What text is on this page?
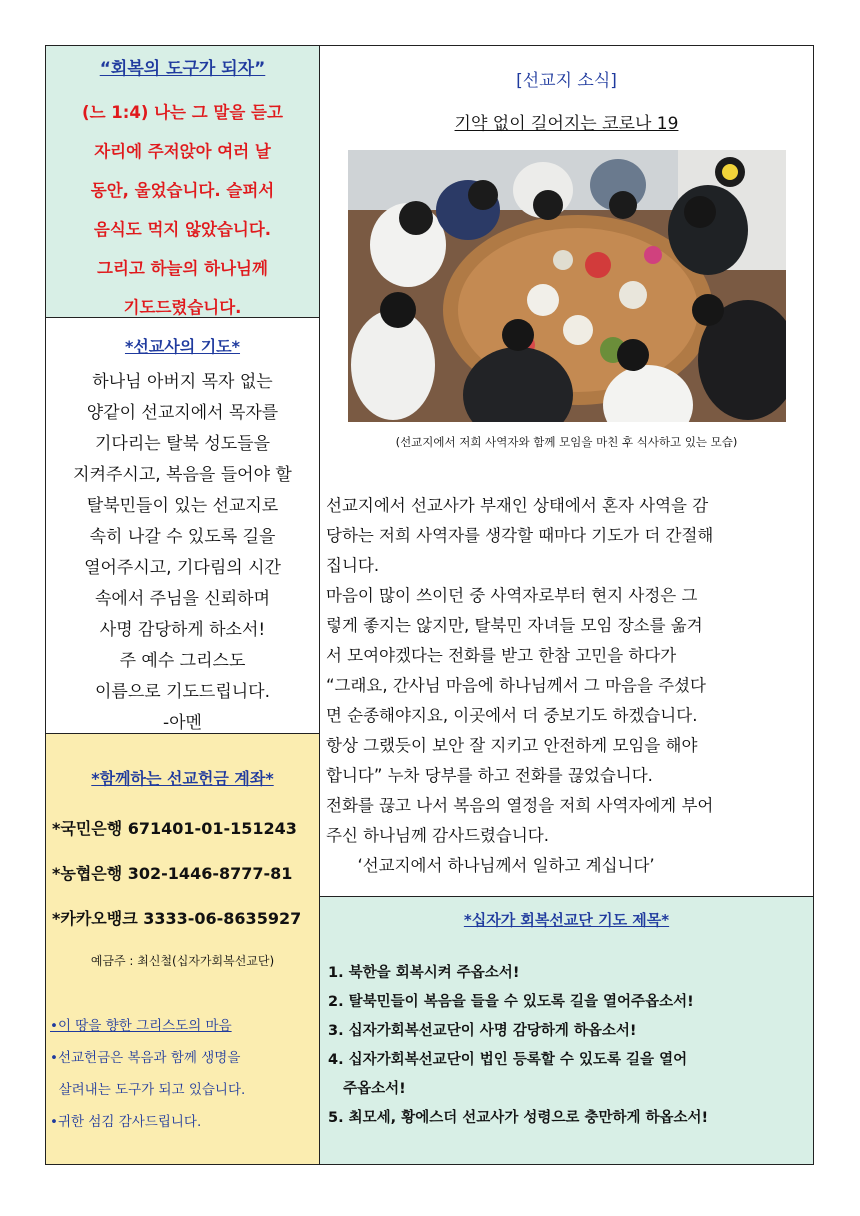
“회복의 도구가 되자”
(느 1:4) 나는 그 말을 듣고
자리에 주저앉아 여러 날
동안, 울었습니다. 슬퍼서
음식도 먹지 않았습니다.
그리고 하늘의 하나님께
기도드렸습니다.
*선교사의 기도*
하나님 아버지 목자 없는
양같이 선교지에서 목자를
기다리는 탈북 성도들을
지켜주시고, 복음을 들어야 할
탈북민들이 있는 선교지로
속히 나갈 수 있도록 길을
열어주시고, 기다림의 시간
속에서 주님을 신뢰하며
사명 감당하게 하소서!
주 예수 그리스도
이름으로 기도드립니다.
-아멘
*함께하는 선교헌금 계좌*
*국민은행 671401-01-151243
*농협은행 302-1446-8777-81
*카카오뱅크 3333-06-8635927
예금주 : 최신철(십자가회복선교단)
•이 땅을 향한 그리스도의 마음
•선교헌금은 복음과 함께 생명을
살려내는 도구가 되고 있습니다.
•귀한 섬김 감사드립니다.
[선교지 소식]
기약 없이 길어지는 코로나 19
(선교지에서 저희 사역자와 함께 모임을 마친 후 식사하고 있는 모습)
선교지에서 선교사가 부재인 상태에서 혼자 사역을 감
당하는 저희 사역자를 생각할 때마다 기도가 더 간절해
집니다.
마음이 많이 쓰이던 중 사역자로부터 현지 사정은 그
렇게 좋지는 않지만, 탈북민 자녀들 모임 장소를 옮겨
서 모여야겠다는 전화를 받고 한참 고민을 하다가
“그래요, 간사님 마음에 하나님께서 그 마음을 주셨다
면 순종해야지요, 이곳에서 더 중보기도 하겠습니다.
항상 그랬듯이 보안 잘 지키고 안전하게 모임을 해야
합니다” 누차 당부를 하고 전화를 끊었습니다.
전화를 끊고 나서 복음의 열정을 저희 사역자에게 부어
주신 하나님께 감사드렸습니다.
‘선교지에서 하나님께서 일하고 계십니다’
*십자가 회복선교단 기도 제목*
1. 북한을 회복시켜 주옵소서!
2. 탈북민들이 복음을 들을 수 있도록 길을 열어주옵소서!
3. 십자가회복선교단이 사명 감당하게 하옵소서!
4. 십자가회복선교단이 법인 등록할 수 있도록 길을 열어
주옵소서!
5. 최모세, 황에스더 선교사가 성령으로 충만하게 하옵소서!
